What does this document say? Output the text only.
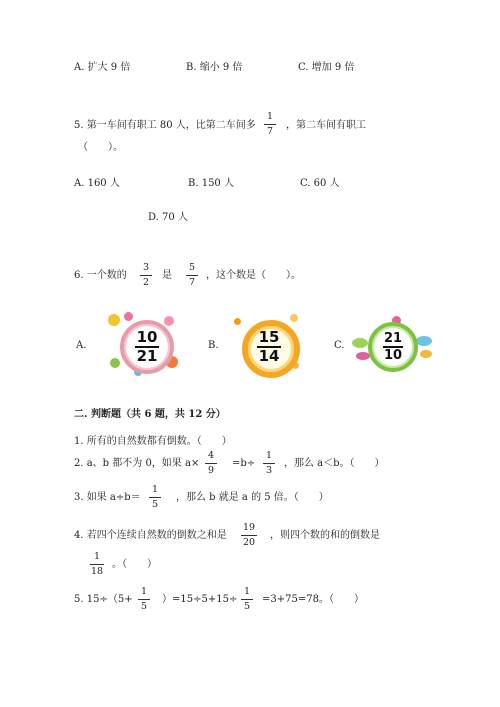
A. 扩大 9 倍	B. 缩小 9 倍	C. 增加 9 倍
5. 第一车间有职工 80 人，比第二车间多
1
7
，第二车间有职工
（　　）。
A. 160 人	B. 150 人	C. 60 人
D. 70 人
6. 一个数的
3
2
是
5
7
，这个数是（　　）。
A.	10
21
B.	15
14
C.	21
10
二. 判断题（共 6 题，共 12 分）
1. 所有的自然数都有倒数。（　　）
2. a、b 都不为 0，如果 a×
4
9
=b÷
1
3
，那么 a＜b。（　　）
3. 如果 a÷b＝
1
5
，那么 b 就是 a 的 5 倍。（　　）
4. 若四个连续自然数的倒数之和是
19
20
，则四个数的和的倒数是
1
18
。（　　）
5. 15÷（5+
1
5
）=15÷5+15÷
1
5
=3+75=78。（　　）
